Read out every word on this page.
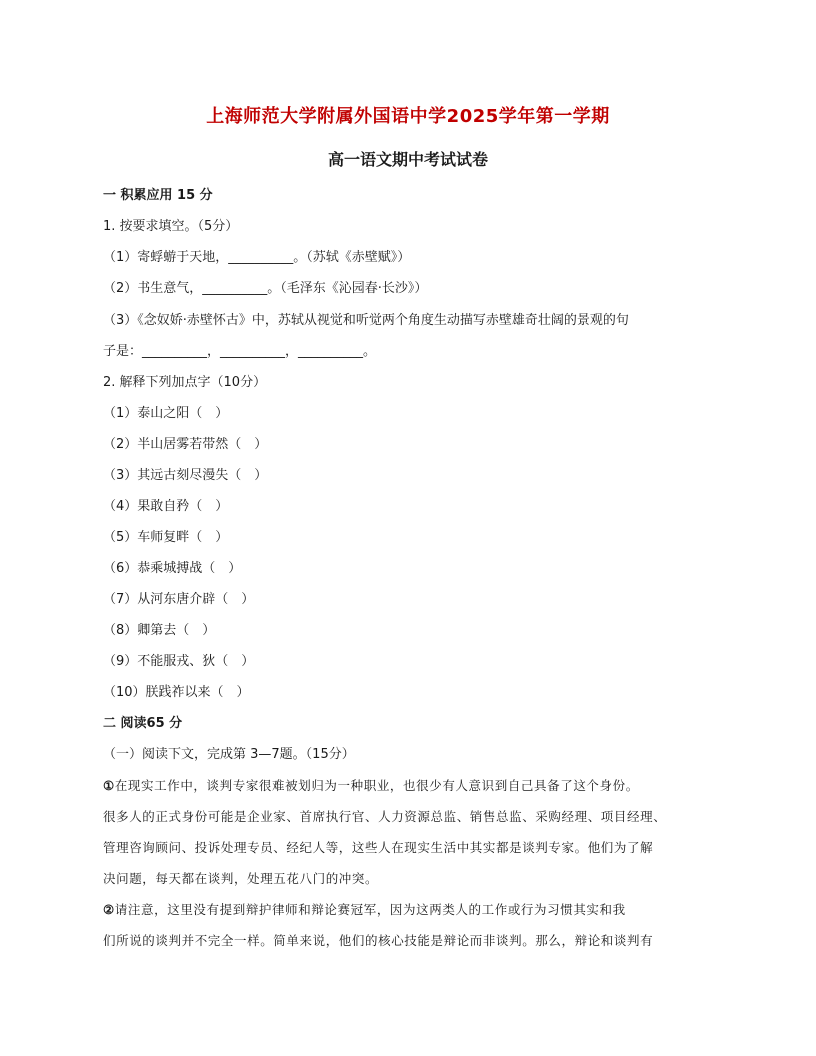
上海师范大学附属外国语中学2025学年第一学期
高一语文期中考试试卷
一 积累应用 15 分
1. 按要求填空。（5分）
（1）寄蜉蝣于天地，__________。（苏轼《赤壁赋》）
（2）书生意气，__________。（毛泽东《沁园春·长沙》）
（3）《念奴娇·赤壁怀古》中，苏轼从视觉和听觉两个角度生动描写赤壁雄奇壮阔的景观的句
子是：__________，__________，__________。
2. 解释下列加点字（10分）
（1）泰山之阳（　）
（2）半山居雾若带然（　）
（3）其远古刻尽漫失（　）
（4）果敢自矜（　）
（5）车师复畔（　）
（6）恭乘城搏战（　）
（7）从河东唐介辟（　）
（8）卿第去（　）
（9）不能服戎、狄（　）
（10）朕践祚以来（　）
二 阅读65 分
（一）阅读下文，完成第 3—7题。（15分）
①在现实工作中，谈判专家很难被划归为一种职业，也很少有人意识到自己具备了这个身份。
很多人的正式身份可能是企业家、首席执行官、人力资源总监、销售总监、采购经理、项目经理、
管理咨询顾问、投诉处理专员、经纪人等，这些人在现实生活中其实都是谈判专家。他们为了解
决问题，每天都在谈判，处理五花八门的冲突。
②请注意，这里没有提到辩护律师和辩论赛冠军，因为这两类人的工作或行为习惯其实和我
们所说的谈判并不完全一样。简单来说，他们的核心技能是辩论而非谈判。那么，辩论和谈判有
